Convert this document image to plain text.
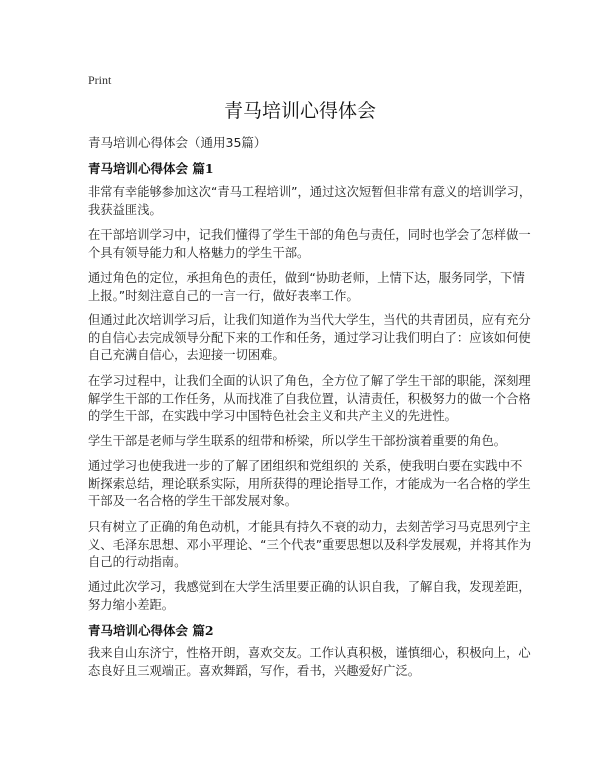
Print
青马培训心得体会
青马培训心得体会（通用35篇）
青马培训心得体会 篇1
非常有幸能够参加这次“青马工程培训”，通过这次短暂但非常有意义的培训学习，
我获益匪浅。
在干部培训学习中，记我们懂得了学生干部的角色与责任，同时也学会了怎样做一
个具有领导能力和人格魅力的学生干部。
通过角色的定位，承担角色的责任，做到“协助老师，上情下达，服务同学，下情
上报。”时刻注意自己的一言一行，做好表率工作。
但通过此次培训学习后，让我们知道作为当代大学生，当代的共青团员，应有充分
的自信心去完成领导分配下来的工作和任务，通过学习让我们明白了：应该如何使
自己充满自信心，去迎接一切困难。
在学习过程中，让我们全面的认识了角色，全方位了解了学生干部的职能，深刻理
解学生干部的工作任务，从而找准了自我位置，认清责任，积极努力的做一个合格
的学生干部，在实践中学习中国特色社会主义和共产主义的先进性。
学生干部是老师与学生联系的纽带和桥梁，所以学生干部扮演着重要的角色。
通过学习也使我进一步的了解了团组织和党组织的 关系，使我明白要在实践中不
断探索总结，理论联系实际，用所获得的理论指导工作，才能成为一名合格的学生
干部及一名合格的学生干部发展对象。
只有树立了正确的角色动机，才能具有持久不衰的动力，去刻苦学习马克思列宁主
义、毛泽东思想、邓小平理论、“三个代表”重要思想以及科学发展观，并将其作为
自己的行动指南。
通过此次学习，我感觉到在大学生活里要正确的认识自我，了解自我，发现差距，
努力缩小差距。
青马培训心得体会 篇2
我来自山东济宁，性格开朗，喜欢交友。工作认真积极，谨慎细心，积极向上，心
态良好且三观端正。喜欢舞蹈，写作，看书，兴趣爱好广泛。
